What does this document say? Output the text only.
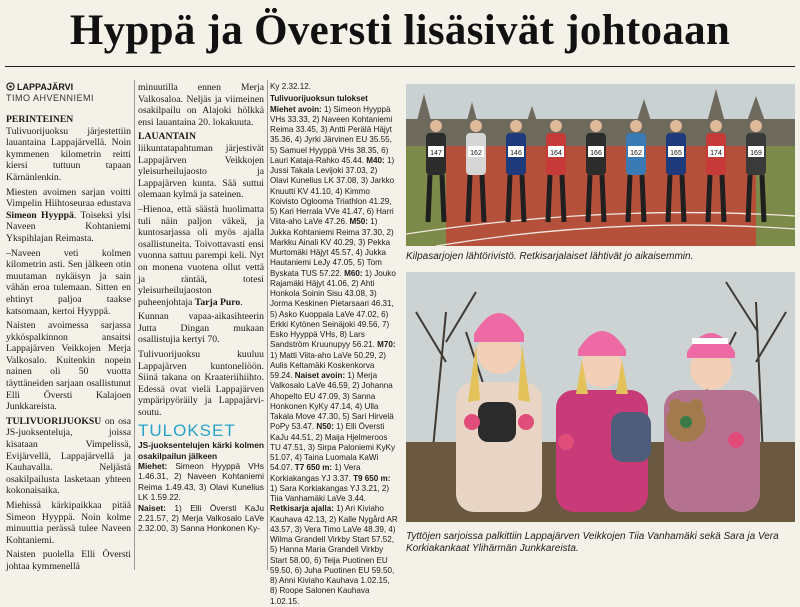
Hyppä ja Översti lisäsivät johtoaan
LAPPAJÄRVI
TIMO AHVENNIEMI

PERINTEINEN Tulivuorijuoksu järjestettiin lauantaina Lappajärvellä. Noin kymmenen kilometrin reitti kiersi tuttuun tapaan Kärnänlenkin.

Miesten avoimen sarjan voitti Vimpelin Hiihtoseuraa edustava Simeon Hyyppä. Toiseksi ylsi Naveen Kohtaniemi Ykspihlajan Reimasta.

–Naveen veti kolmen kilometrin asti. Sen jälkeen otin muutaman nykäisyn ja sain vähän eroa tulemaan. Sitten en ehtinyt paljoa taakse katsomaan, kertoi Hyyppä.

Naisten avoimessa sarjassa ykköspalkinnon ansaitsi Lappajärven Veikkojen Merja Valkosalo. Kuitenkin nopein nainen oli 50 vuotta täyttäneiden sarjaan osallistunut Elli Översti Kalajoen Junkkareista.

TULIVUORIJUOKSU on osa JS-juoksenteluja, joissa kisataan Vimpelissä, Evijärvellä, Lappajärvellä ja Kauhavalla. Neljästä osakilpailusta lasketaan yhteen kokonaisaika.

Miehissä kärkipaikkaa pitää Simeon Hyyppä. Noin kolme minuuttia perässä tulee Naveen Kohtaniemi.

Naisten puolella Elli Översti johtaa kymmenellä

minuutilla ennen Merja Valkosaloa. Neljäs ja viimeinen osakilpailu on Alajoki hölkkä ensi lauantaina 20. lokakuuta.

LAUANTAIN liikuntatapahtuman järjestivät Lappajärven Veikkojen yleisurheilujaosto ja Lappajärven kunta. Sää suttui olemaan kylmä ja sateinen.

–Hienoa, että säästä huolimatta tuli näin paljon väkeä, ja kuntosarjassa oli myös ajalla osallistuneita. Toivottavasti ensi vuonna sattuu parempi keli. Nyt on monena vuotena ollut vettä ja räntää, totesi yleisurheilujaoston puheenjohtaja Tarja Puro.

Kunnan vapaa-aikasihteerin Jutta Dingan mukaan osallistujia kertyi 70.

Tulivuorijuoksu kuuluu Lappajärven kuntoneliöön. Siinä takana on Kraateriihiihto. Edessä ovat vielä Lappajärven ympäripyöräily ja Lappajärvi-soutu.

TULOKSET
JS-juoksentelujen kärki kolmen osakilpailun jälkeen
Miehet: Simeon Hyyppä VHs 1.46.31, 2) Naveen Kohtaniemi Reima 1.49.43, 3) Olavi Kunelius LK 1.59.22.
Naiset: 1) Elli Översti KaJu 2.21.57, 2) Merja Valkosalo LaVe 2.32.00, 3) Sanna Honkonen Ky-
Ky 2.32.12.
Tulivuorijuoksun tulokset
Miehet avoin: 1) Simeon Hyyppä VHs 33.33, 2) Naveen Kohtaniemi Reima 33.45, 3) Antti Perälä Häjyt 35.36, 4) Jyrki Järvinen EU 35.55, 5) Samuel Hyyppä VHs 38.35, 6) Lauri Kataja-Rahko 45.44. M40: 1) Jussi Takala Levijoki 37.03, 2) Olavi Kunelius LK 37.08, 3) Jarkko Knuutti KV 41.10, 4) Kimmo Koivisto Oglooma Triathlon 41.29, 5) Kari Herrala VVe 41.47, 6) Harri Viita-aho LaVe 47.26. M50: 1) Jukka Kohtaniemi Reima 37.30, 2) Markku Ainali KV 40.29, 3) Pekka Murtomäki Häjyt 45.57, 4) Jukka Hautaniemi LeJy 47.05, 5) Tom Byskata TUS 57.22. M60: 1) Jouko Rajamäki Häjyt 41.06, 2) Ahti Honkola Soinin Sisu 43.08, 3) Jorma Keskinen Pietarsaari 46.31, 5) Asko Kuoppala LaVe 47.02, 6) Erkki Kytönen Seinäjoki 49.56, 7) Esko Hyyppä VHs, 8) Lars Sandström Kruunupyy 56.21. M70: 1) Matti Viita-aho LaVe 50.29, 2) Aulis Keltamäki Koskenkorva 59.24. Naiset avoin: 1) Merja Valkosalo LaVe 46.59, 2) Johanna Ahopelto EU 47.09, 3) Sanna Honkonen KyKy 47.14, 4) Ulla Takala Move 47.30, 5) Sari Hirvelä PoPy 53.47. N50: 1) Elli Översti KaJu 44.51, 2) Maija Hjelmeroos TU 47.51, 3) Sirpa Paloniemi KyKy 51.07, 4) Taina Luomala KaWi 54.07. T7 650 m: 1) Vera Korkiakangas YJ 3.37. T9 650 m: 1) Sara Korkiakangas YJ 3.21, 2) Tiia Vanhamäki LaVe 3.44. Retkisarja ajalla: 1) Ari Kiviaho Kauhava 42.13, 2) Kalle Nygård AR 43.57, 3) Vera Timo LaVe 48.39, 4) Wilma Grandell Virkby Start 57.52, 5) Hanna Maria Grandell Virkby Start 58.00, 6) Teija Puotinen EU 59.50, 6) Juha Puotinen EU 59.50, 8) Anni Kiviaho Kauhava 1.02.15, 8) Roope Salonen Kauhava 1.02.15.
147	162	146	164	166	162	165	174	169
Kilpasarjojen lähtörivistö. Retkisarjalaiset lähtivät jo aikaisemmin.
Tyttöjen sarjoissa palkittiin Lappajärven Veikkojen Tiia Vanhamäki sekä Sara ja Vera Korkiakankaat Ylihärmän Junkkareista.
